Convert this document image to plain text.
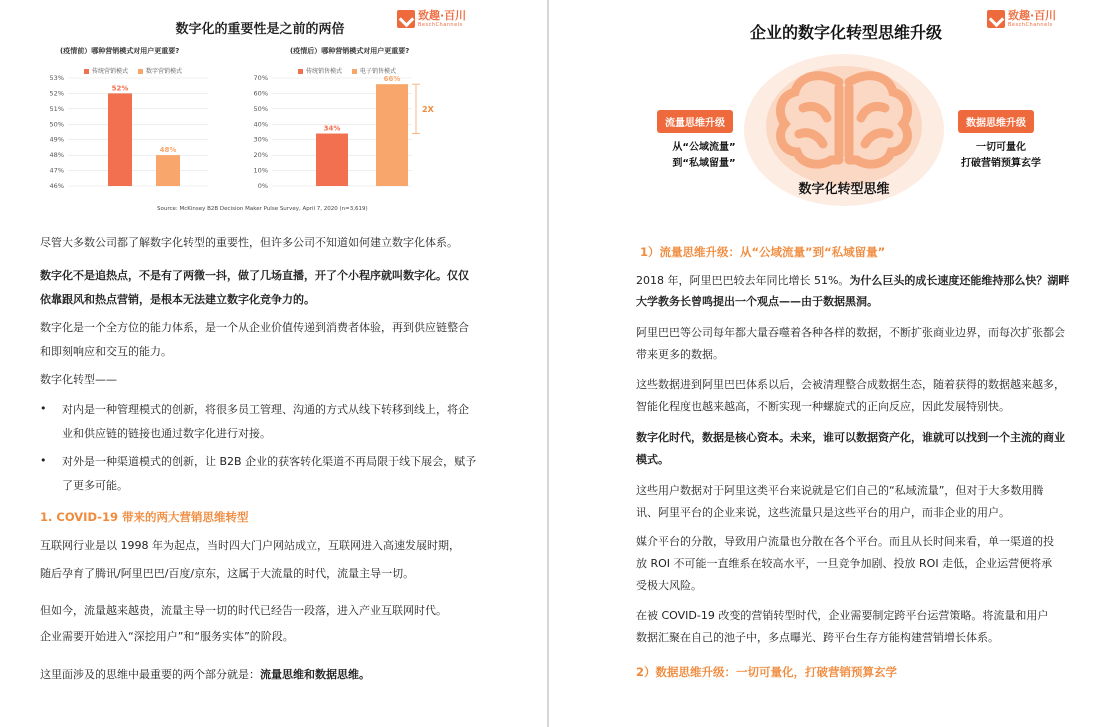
致趣·百川
BeschChannels
数字化的重要性是之前的两倍
(疫情前）哪种营销模式对用户更重要?
传统营销模式	数字营销模式
53%
52%
51%
50%
49%
48%
47%
46%
52%
48%
(疫情后）哪种营销模式对用户更重要?
传统销售模式	电子销售模式
70%
60%
50%
40%
30%
20%
10%
0%
34%
66%
2X
Source: McKinsey B2B Decision Maker Pulse Survey, April 7, 2020 (n=3,619)
尽管大多数公司都了解数字化转型的重要性，但许多公司不知道如何建立数字化体系。
数字化不是追热点，不是有了两微一抖，做了几场直播，开了个小程序就叫数字化。仅仅
依靠跟风和热点营销，是根本无法建立数字化竞争力的。
数字化是一个全方位的能力体系，是一个从企业价值传递到消费者体验，再到供应链整合
和即刻响应和交互的能力。
数字化转型——
• 对内是一种管理模式的创新，将很多员工管理、沟通的方式从线下转移到线上，将企
业和供应链的链接也通过数字化进行对接。
• 对外是一种渠道模式的创新，让 B2B 企业的获客转化渠道不再局限于线下展会，赋予
了更多可能。
1. COVID-19 带来的两大营销思维转型
互联网行业是以 1998 年为起点，当时四大门户网站成立，互联网进入高速发展时期，
随后孕育了腾讯/阿里巴巴/百度/京东，这属于大流量的时代，流量主导一切。
但如今，流量越来越贵，流量主导一切的时代已经告一段落，进入产业互联网时代。
企业需要开始进入“深挖用户”和“服务实体”的阶段。
这里面涉及的思维中最重要的两个部分就是：流量思维和数据思维。
致趣·百川
BeschChannels
企业的数字化转型思维升级
数字化转型思维
流量思维升级
从“公域流量”
到“私域留量”
数据思维升级
一切可量化
打破营销预算玄学
1）流量思维升级：从“公域流量”到“私域留量”
2018 年，阿里巴巴较去年同比增长 51%。为什么巨头的成长速度还能维持那么快？湖畔
大学教务长曾鸣提出一个观点——由于数据黑洞。
阿里巴巴等公司每年都大量吞噬着各种各样的数据，不断扩张商业边界，而每次扩张都会
带来更多的数据。
这些数据进到阿里巴巴体系以后，会被清理整合成数据生态，随着获得的数据越来越多，
智能化程度也越来越高，不断实现一种螺旋式的正向反应，因此发展特别快。
数字化时代，数据是核心资本。未来，谁可以数据资产化，谁就可以找到一个主流的商业
模式。
这些用户数据对于阿里这类平台来说就是它们自己的“私域流量”，但对于大多数用腾
讯、阿里平台的企业来说，这些流量只是这些平台的用户，而非企业的用户。
媒介平台的分散，导致用户流量也分散在各个平台。而且从长时间来看，单一渠道的投
放 ROI 不可能一直维系在较高水平，一旦竞争加剧、投放 ROI 走低，企业运营便将承
受极大风险。
在被 COVID-19 改变的营销转型时代，企业需要制定跨平台运营策略。将流量和用户
数据汇聚在自己的池子中，多点曝光、跨平台生存方能构建营销增长体系。
2）数据思维升级：一切可量化，打破营销预算玄学
